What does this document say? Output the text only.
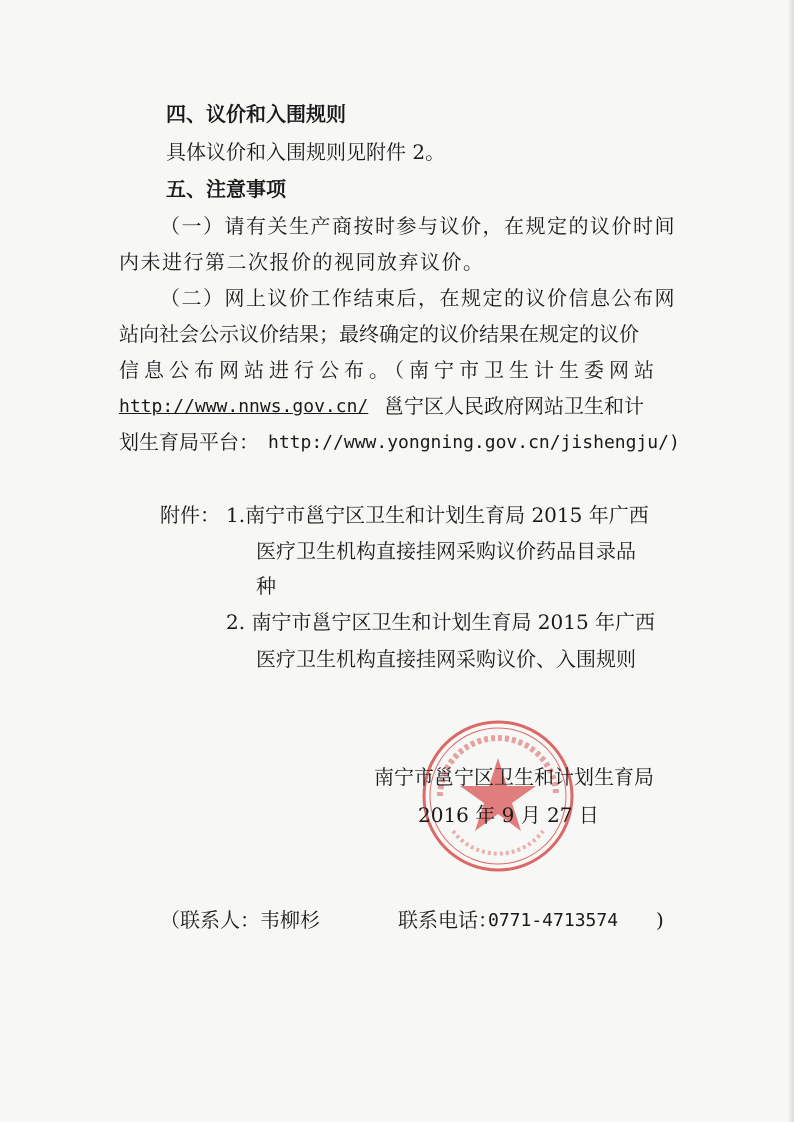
四、议价和入围规则
具体议价和入围规则见附件 2。
五、注意事项
（一）请有关生产商按时参与议价，在规定的议价时间
内未进行第二次报价的视同放弃议价。
（二）网上议价工作结束后，在规定的议价信息公布网
站向社会公示议价结果；最终确定的议价结果在规定的议价
信息公布网站进行公布。（南宁市卫生计生委网站
http://www.nnws.gov.cn/ 邕宁区人民政府网站卫生和计
划生育局平台： http://www.yongning.gov.cn/jishengju/)
附件： 1.南宁市邕宁区卫生和计划生育局 2015 年广西
医疗卫生机构直接挂网采购议价药品目录品
种
2. 南宁市邕宁区卫生和计划生育局 2015 年广西
医疗卫生机构直接挂网采购议价、入围规则
南宁市邕宁区卫生和计划生育局
2016 年 9 月 27 日
（联系人：韦柳杉	联系电话：
0771-4713574 )
